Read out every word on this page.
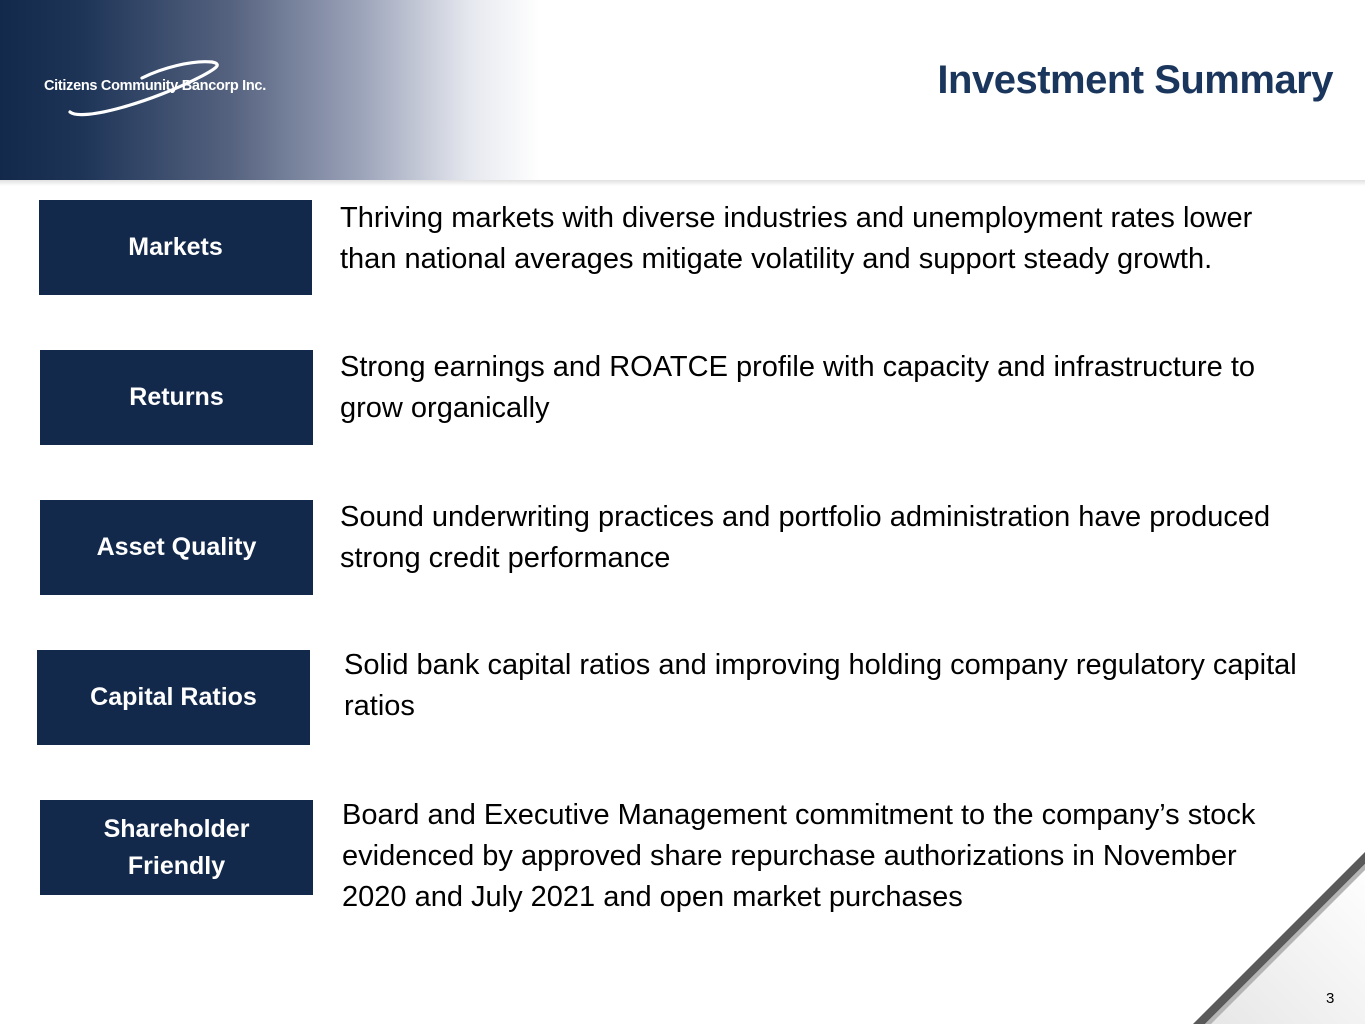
Citizens Community Bancorp Inc.	Investment Summary
Markets
Thriving markets with diverse industries and unemployment rates lower than national averages mitigate volatility and support steady growth.
Returns
Strong earnings and ROATCE profile with capacity and infrastructure to grow organically
Asset Quality
Sound underwriting practices and portfolio administration have produced strong credit performance
Capital Ratios
Solid bank capital ratios and improving holding company regulatory capital ratios
Shareholder
Friendly
Board and Executive Management commitment to the company’s stock evidenced by approved share repurchase authorizations in November 2020 and July 2021 and open market purchases
3
